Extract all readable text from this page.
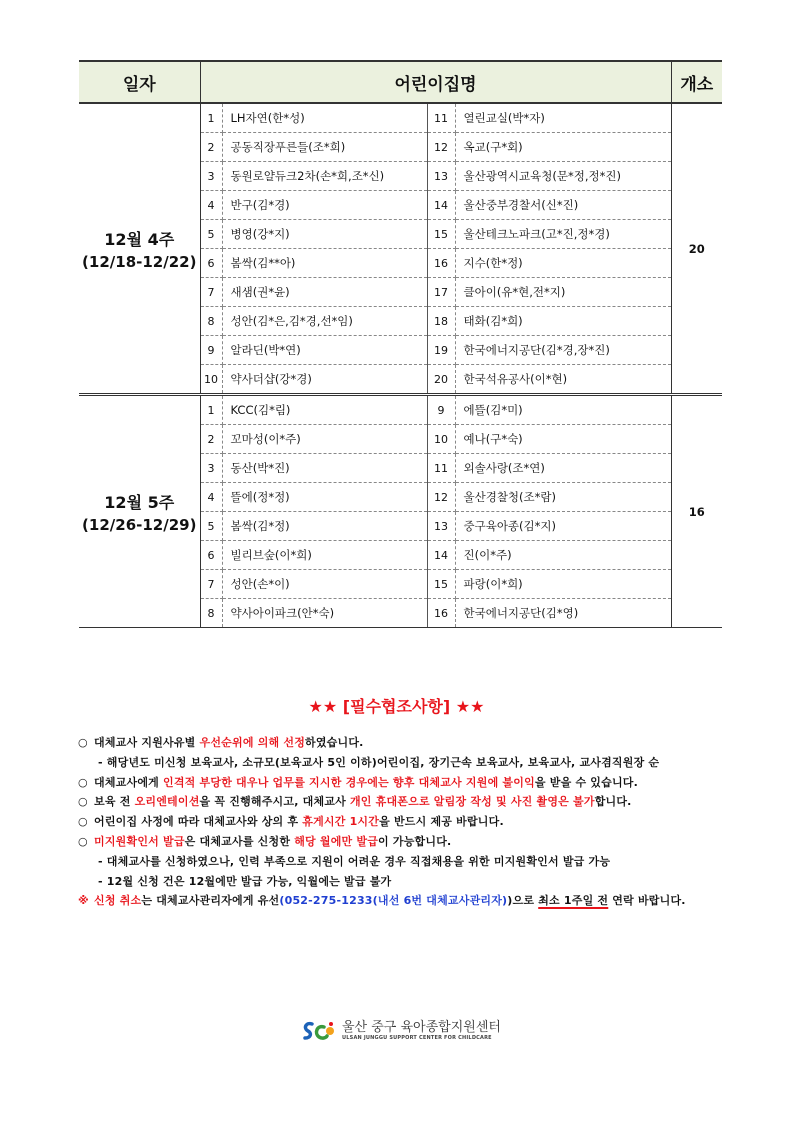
일자	어린이집명				개소

12월 4주
(12/18-12/22)	1	LH자연(한*성)	11	열린교실(박*자)	20
	2	공동직장푸른들(조*희)	12	옥교(구*회)	
	3	동원로얄듀크2차(손*희,조*신)	13	울산광역시교육청(문*정,정*진)	
	4	반구(김*경)	14	울산중부경찰서(신*진)	
	5	병영(강*지)	15	울산테크노파크(고*진,정*경)	
	6	봄싹(김**아)	16	지수(한*정)	
	7	새샘(권*윤)	17	클아이(유*현,전*지)	
	8	성안(김*은,김*경,선*임)	18	태화(김*희)	
	9	알라딘(박*연)	19	한국에너지공단(김*경,장*진)	
	10	약사더샵(강*경)	20	한국석유공사(이*현)	

12월 5주
(12/26-12/29)	1	KCC(김*림)	9	에뜰(김*미)	16
	2	꼬마성(이*주)	10	예나(구*숙)	
	3	동산(박*진)	11	외솔사랑(조*연)	
	4	뜰에(정*정)	12	울산경찰청(조*람)	
	5	봄싹(김*정)	13	중구육아종(김*지)	
	6	빌리브숲(이*희)	14	진(이*주)	
	7	성안(손*이)	15	파랑(이*희)	
	8	약사아이파크(안*숙)	16	한국에너지공단(김*영)	
★★ [필수협조사항] ★★
○ 대체교사 지원사유별 우선순위에 의해 선정하였습니다.
- 해당년도 미신청 보육교사, 소규모(보육교사 5인 이하)어린이집, 장기근속 보육교사, 보육교사, 교사겸직원장 순
○ 대체교사에게 인격적 부당한 대우나 업무를 지시한 경우에는 향후 대체교사 지원에 불이익을 받을 수 있습니다.
○ 보육 전 오리엔테이션을 꼭 진행해주시고, 대체교사 개인 휴대폰으로 알림장 작성 및 사진 촬영은 불가합니다.
○ 어린이집 사정에 따라 대체교사와 상의 후 휴게시간 1시간을 반드시 제공 바랍니다.
○ 미지원확인서 발급은 대체교사를 신청한 해당 월에만 발급이 가능합니다.
- 대체교사를 신청하였으나, 인력 부족으로 지원이 어려운 경우 직접채용을 위한 미지원확인서 발급 가능
- 12월 신청 건은 12월에만 발급 가능, 익월에는 발급 불가
※ 신청 취소는 대체교사관리자에게 유선(052-275-1233(내선 6번 대체교사관리자))으로 최소 1주일 전 연락 바랍니다.
울산 중구 육아종합지원센터
ULSAN JUNGGU SUPPORT CENTER FOR CHILDCARE
